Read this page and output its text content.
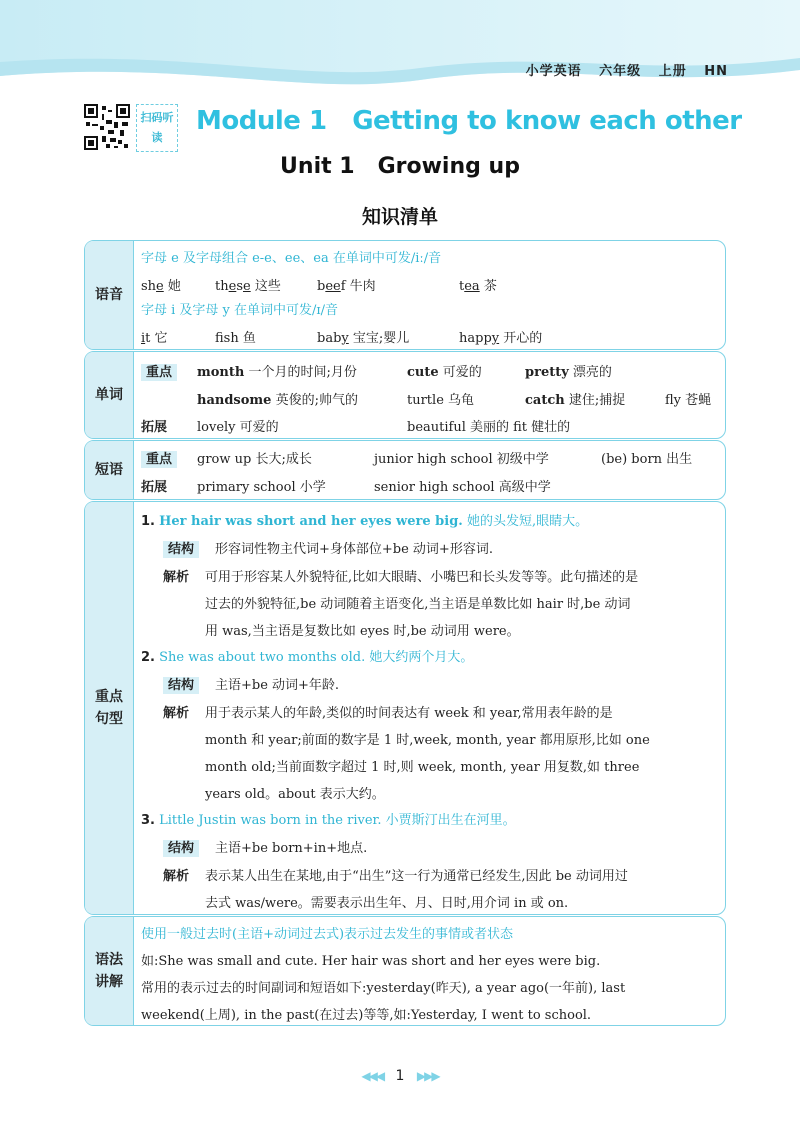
小学英语 六年级 上册 HN
扫码听读
Module 1   Getting to know each other
Unit 1   Growing up
知识清单
语音
字母 e 及字母组合 e-e、ee、ea 在单词中可发/iː/音
she 她	these 这些	beef 牛肉	tea 茶
字母 i 及字母 y 在单词中可发/ɪ/音
it 它	fsh 鱼	baby 宝宝;婴儿	happy 开心的
单词
重点	month 一个月的时间;月份	cute 可爱的	pretty 漂亮的
handsome 英俊的;帅气的	turtle 乌龟	catch 逮住;捕捉	fly 苍蝇
拓展 lovely 可爱的	beautiful 美丽的 fit 健壮的
短语
重点	grow up 长大;成长	junior high school 初级中学	(be) born 出生
拓展 primary school 小学	senior high school 高级中学
重点句型
1. Her hair was short and her eyes were big. 她的头发短,眼睛大。
结构	形容词性物主代词+身体部位+be 动词+形容词.
解析 可用于形容某人外貌特征,比如大眼睛、小嘴巴和长头发等等。此句描述的是
过去的外貌特征,be 动词随着主语变化,当主语是单数比如 hair 时,be 动词
用 was,当主语是复数比如 eyes 时,be 动词用 were。
2. She was about two months old. 她大约两个月大。
结构	主语+be 动词+年龄.
解析 用于表示某人的年龄,类似的时间表达有 week 和 year,常用表年龄的是
month 和 year;前面的数字是 1 时,week, month, year 都用原形,比如 one
month old;当前面数字超过 1 时,则 week, month, year 用复数,如 three
years old。about 表示大约。
3. Little Justin was born in the river. 小贾斯汀出生在河里。
结构	主语+be born+in+地点.
解析 表示某人出生在某地,由于“出生”这一行为通常已经发生,因此 be 动词用过
去式 was/were。需要表示出生年、月、日时,用介词 in 或 on.
语法讲解
使用一般过去时(主语+动词过去式)表示过去发生的事情或者状态
如:She was small and cute. Her hair was short and her eyes were big.
常用的表示过去的时间副词和短语如下:yesterday(昨天), a year ago(一年前), last
weekend(上周), in the past(在过去)等等,如:Yesterday, I went to school.
◀◀◀ 1 ▶▶▶
